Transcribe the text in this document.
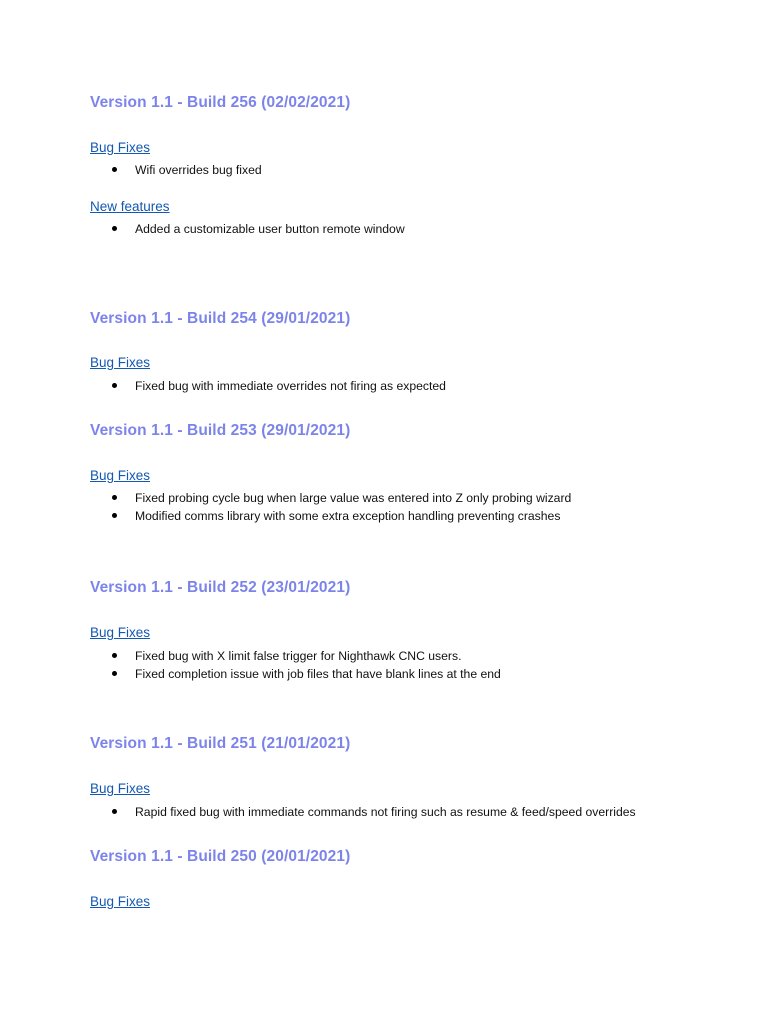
Version 1.1 - Build 256 (02/02/2021)
Bug Fixes
Wifi overrides bug fixed
New features
Added a customizable user button remote window
Version 1.1 - Build 254 (29/01/2021)
Bug Fixes
Fixed bug with immediate overrides not firing as expected
Version 1.1 - Build 253 (29/01/2021)
Bug Fixes
Fixed probing cycle bug when large value was entered into Z only probing wizard
Modified comms library with some extra exception handling preventing crashes
Version 1.1 - Build 252 (23/01/2021)
Bug Fixes
Fixed bug with X limit false trigger for Nighthawk CNC users.
Fixed completion issue with job files that have blank lines at the end
Version 1.1 - Build 251 (21/01/2021)
Bug Fixes
Rapid fixed bug with immediate commands not firing such as resume & feed/speed overrides
Version 1.1 - Build 250 (20/01/2021)
Bug Fixes
